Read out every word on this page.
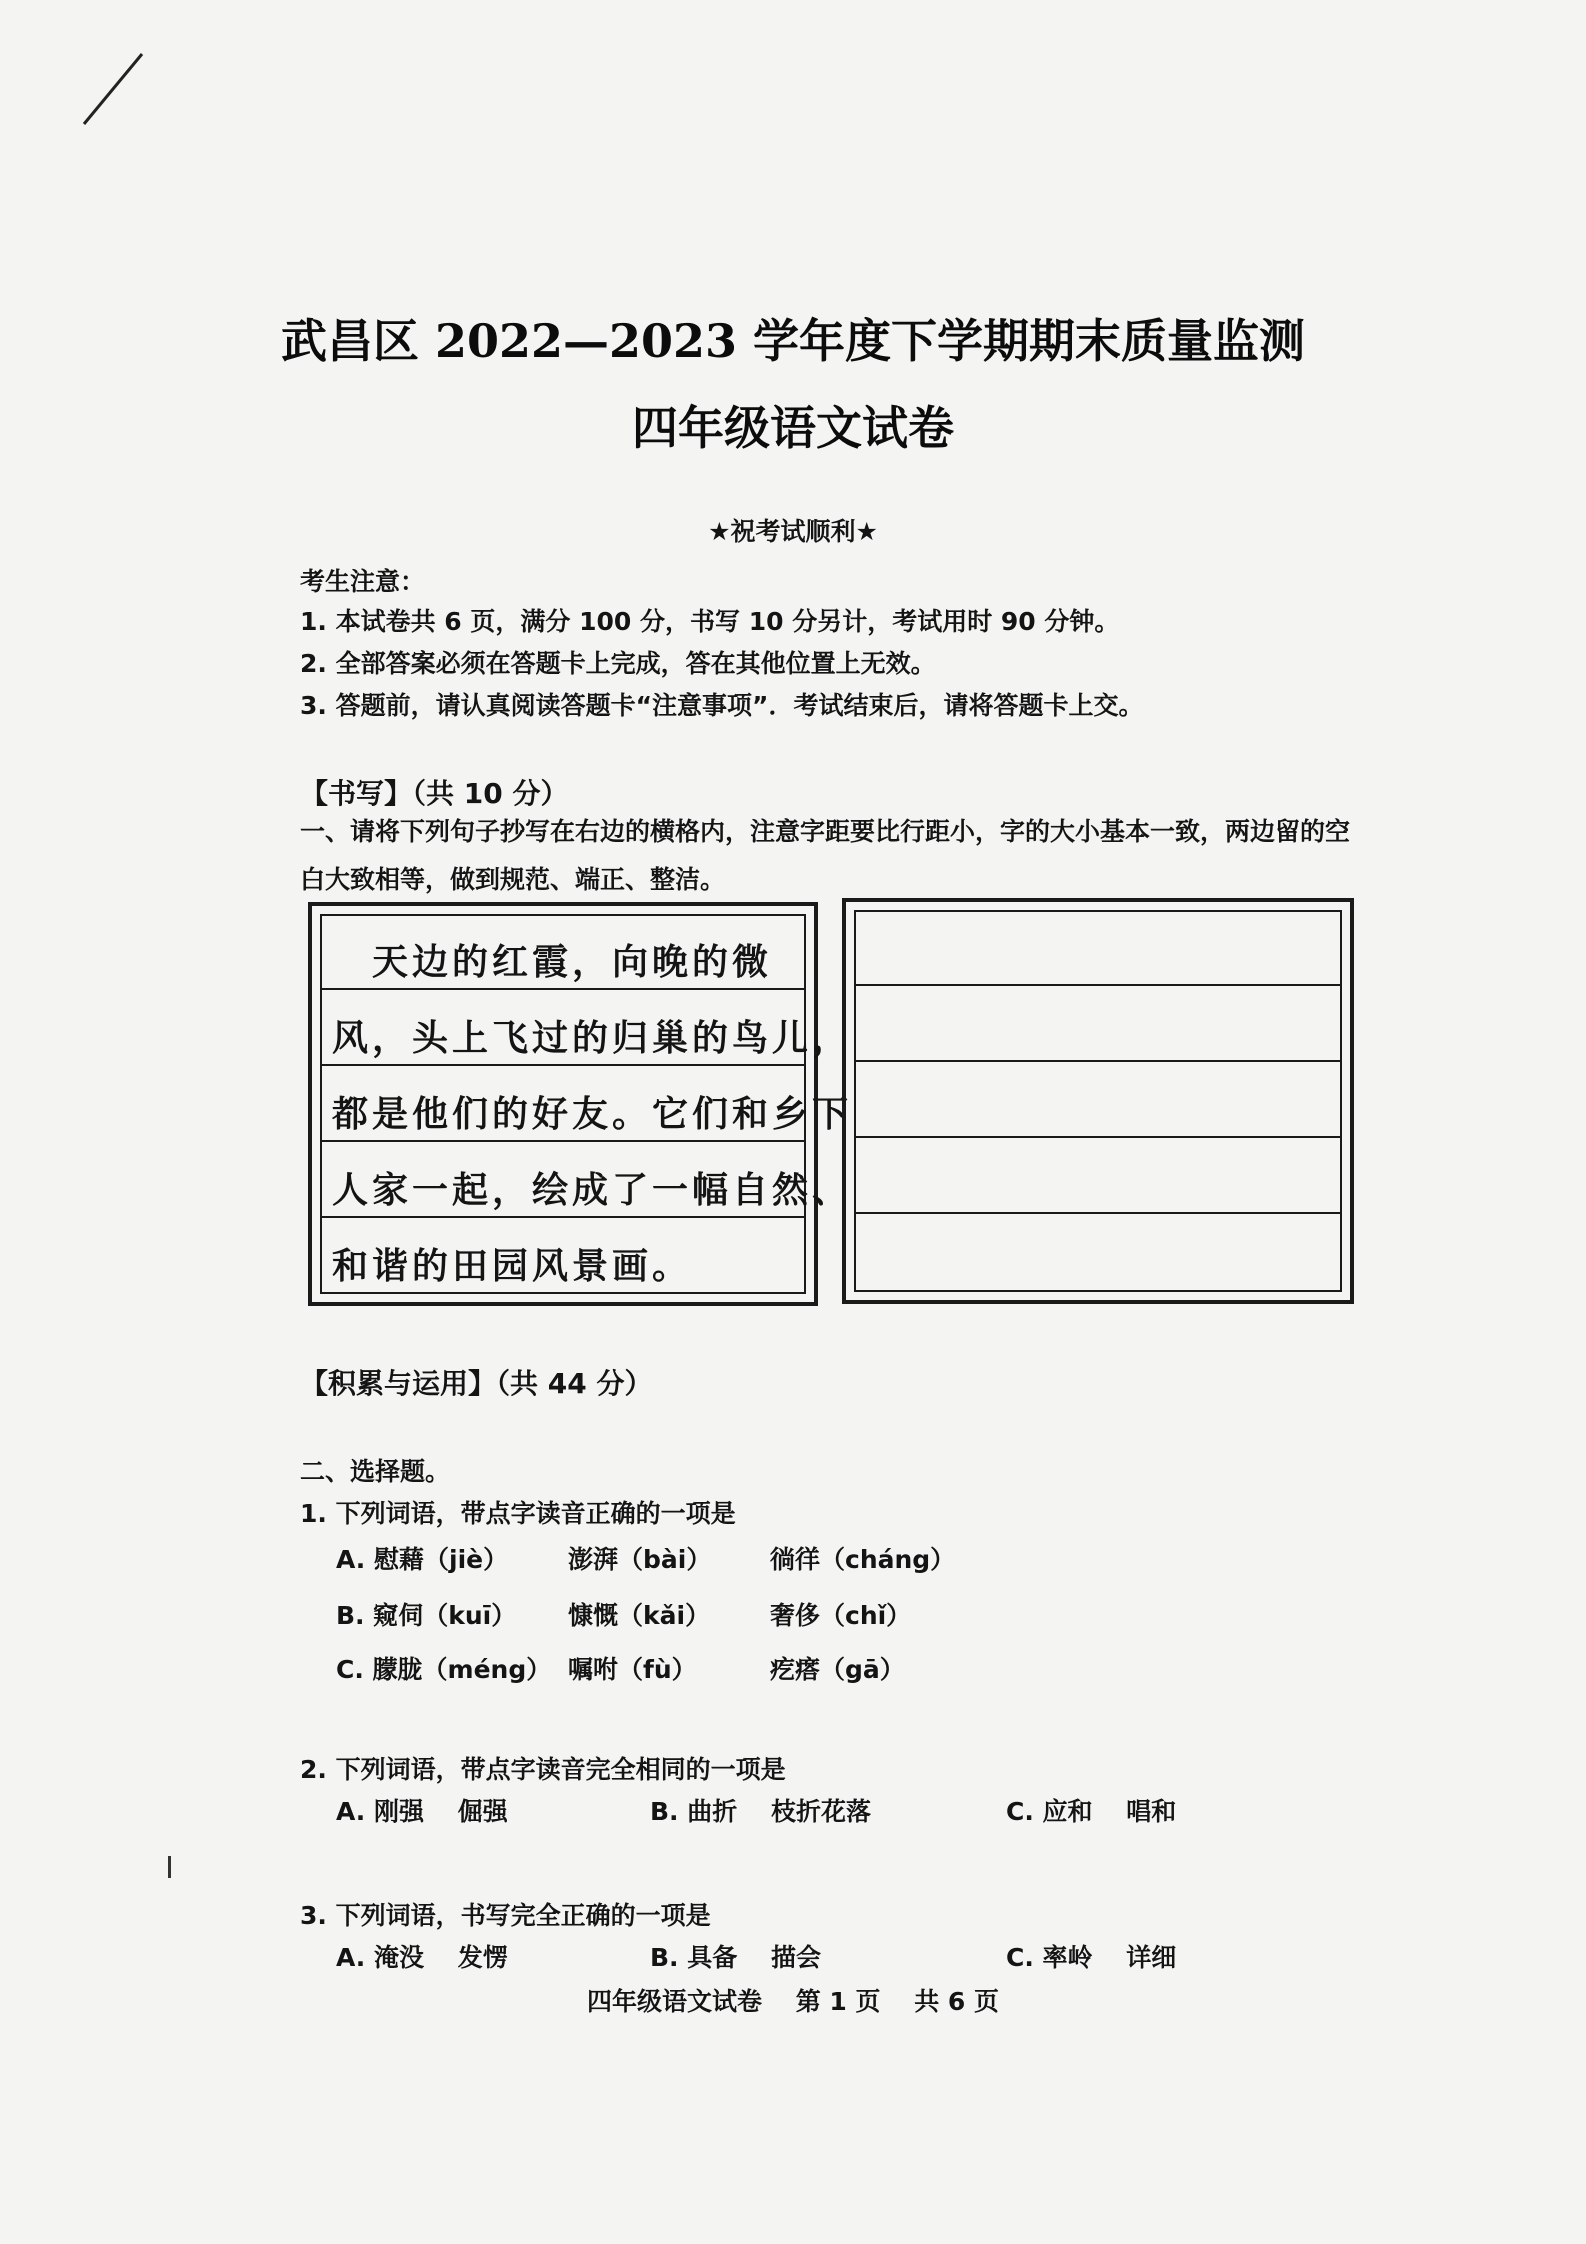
武昌区 2022—2023 学年度下学期期末质量监测
四年级语文试卷
★祝考试顺利★
考生注意：
1. 本试卷共 6 页，满分 100 分，书写 10 分另计，考试用时 90 分钟。
2. 全部答案必须在答题卡上完成，答在其他位置上无效。
3. 答题前，请认真阅读答题卡“注意事项”．考试结束后，请将答题卡上交。
【书写】（共 10 分）
一、请将下列句子抄写在右边的横格内，注意字距要比行距小，字的大小基本一致，两边留的空白大致相等，做到规范、端正、整洁。
　天边的红霞，向晚的微
风，头上飞过的归巢的鸟儿，
都是他们的好友。它们和乡下
人家一起，绘成了一幅自然、
和谐的田园风景画。
【积累与运用】（共 44 分）
二、选择题。
1. 下列词语，带点字读音正确的一项是
A. 慰藉（jiè） 澎湃（bài） 徜徉（cháng）
B. 窥伺（kuī） 慷慨（kǎi） 奢侈（chǐ）
C. 朦胧（méng） 嘱咐（fù）	疙瘩（gā）
2. 下列词语，带点字读音完全相同的一项是
A. 刚强　 倔强	B. 曲折　 枝折花落	C. 应和　 唱和
3. 下列词语，书写完全正确的一项是
A. 淹没　 发愣	B. 具备　 描会	C. 率岭　 详细
四年级语文试卷　 第 1 页　 共 6 页
